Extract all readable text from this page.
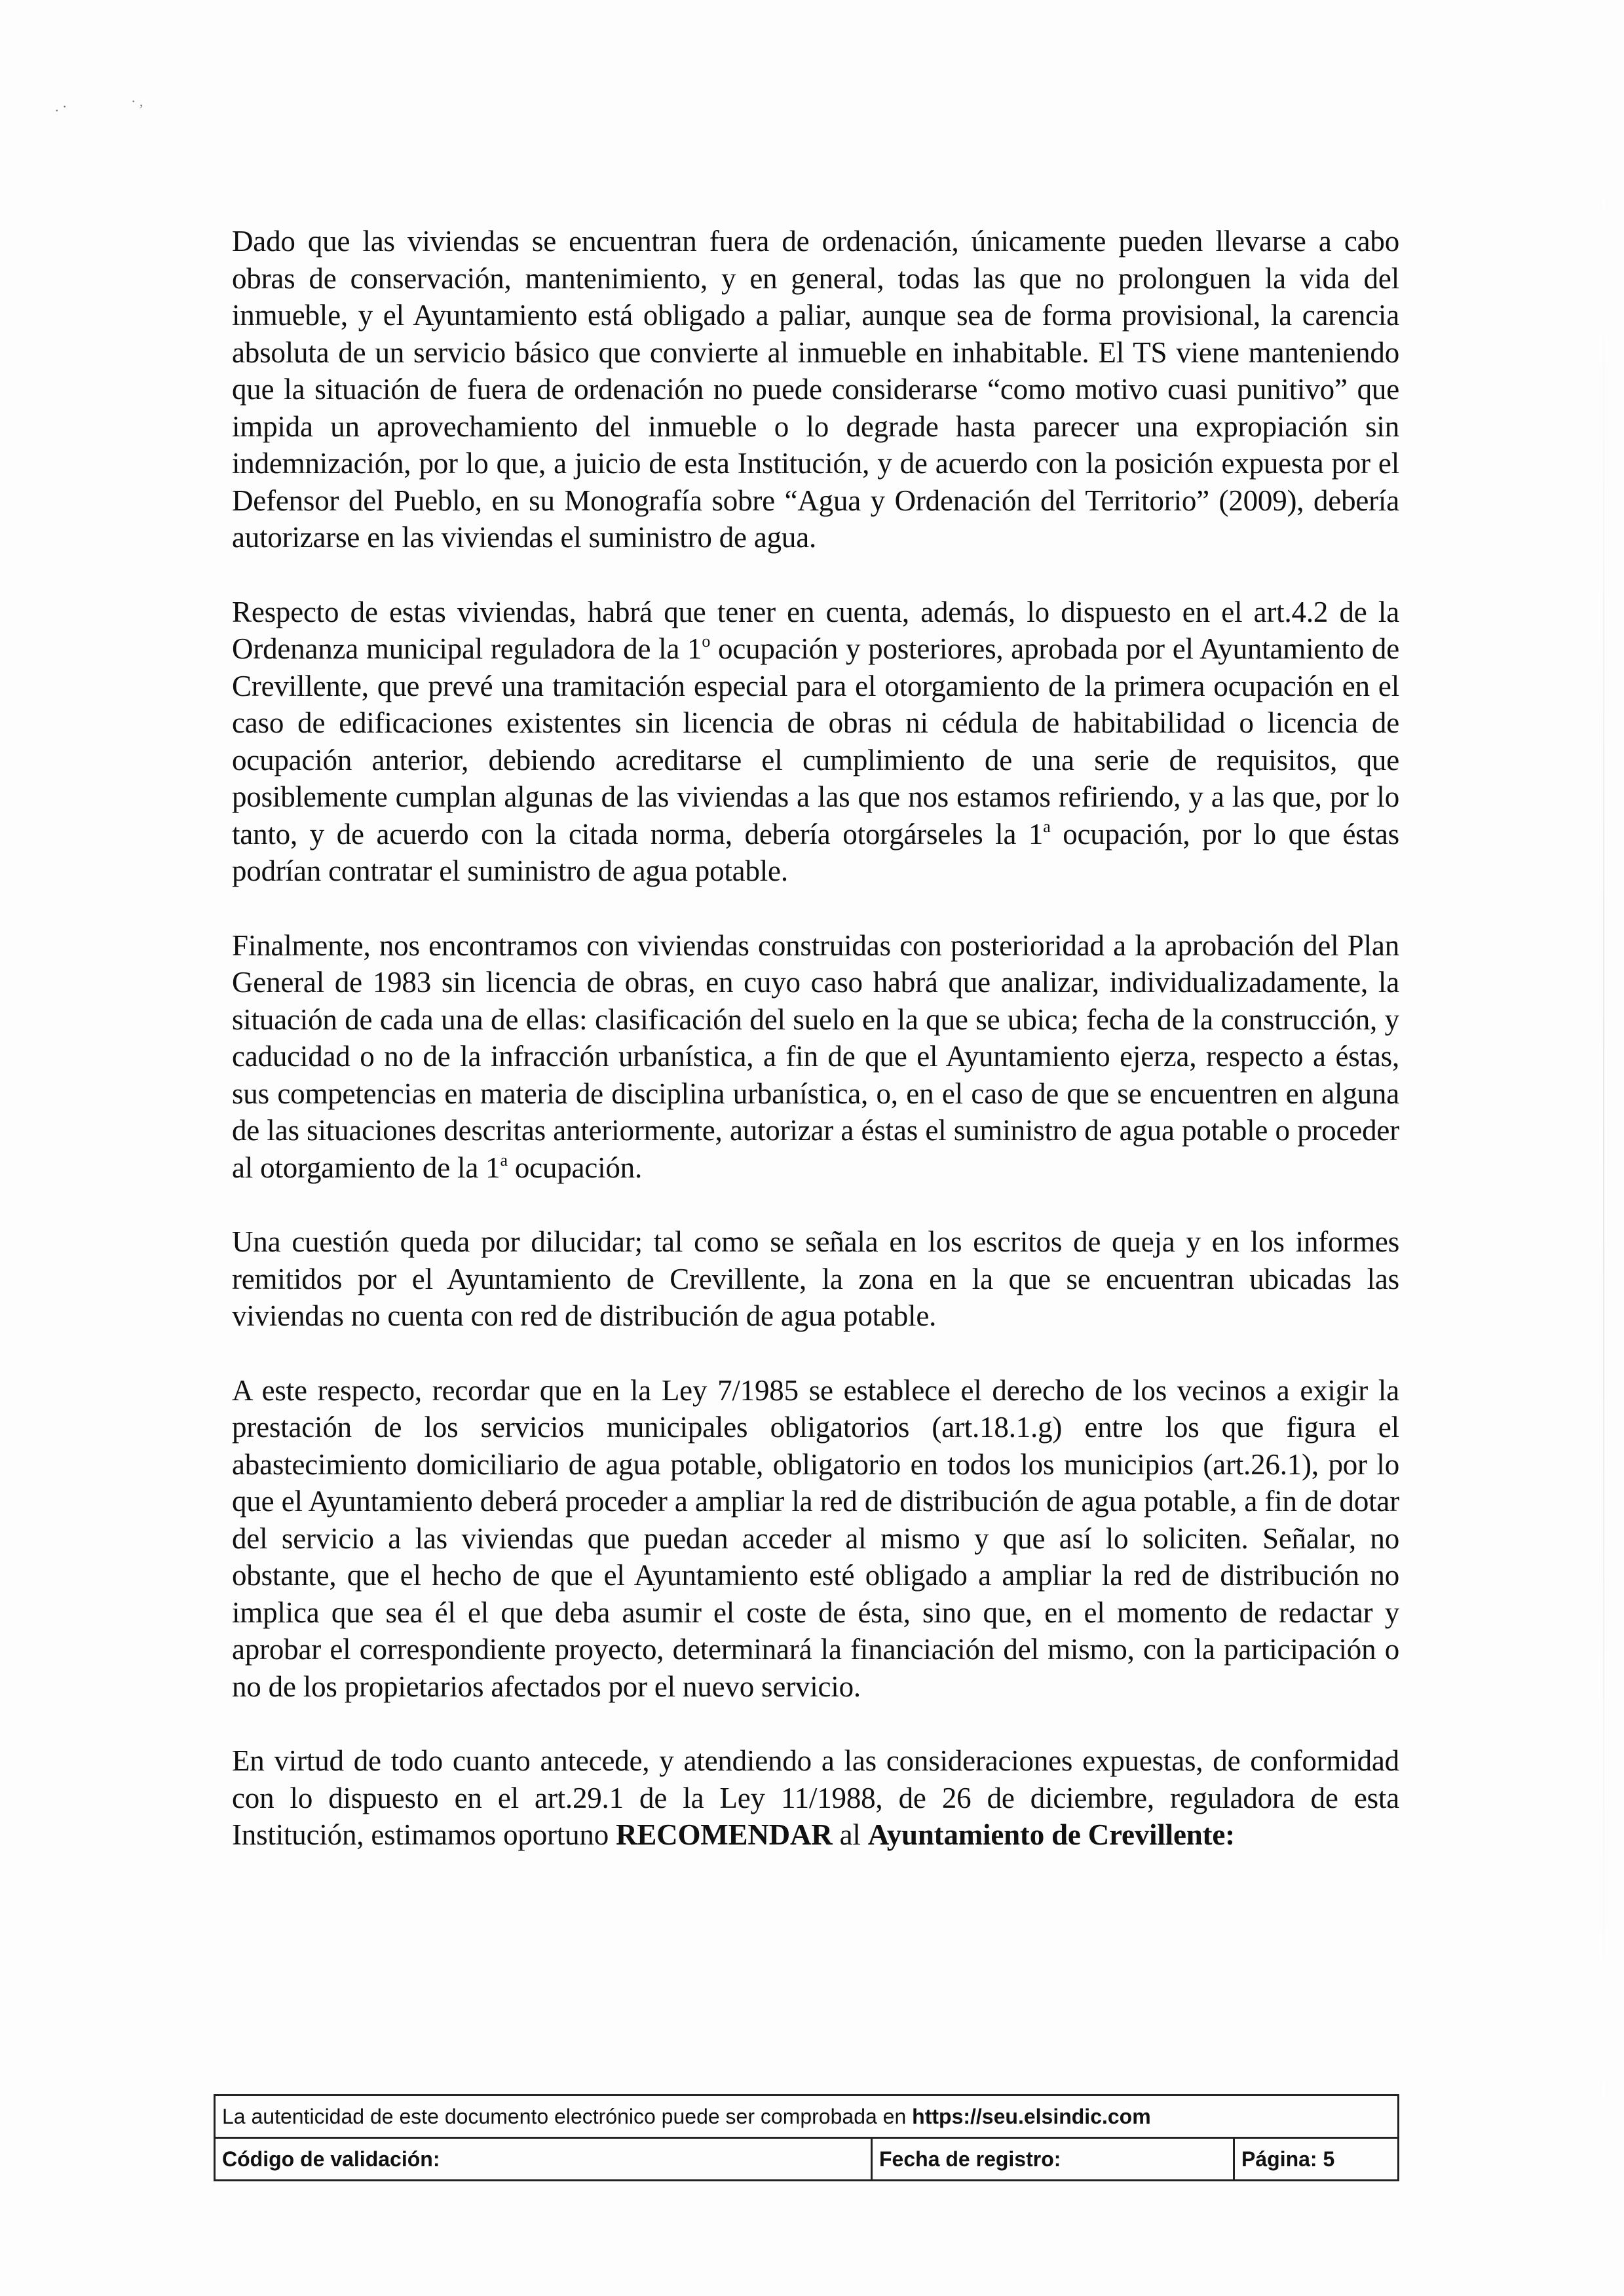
. ·	· ,

Dado que las viviendas se encuentran fuera de ordenación, únicamente pueden llevarse a cabo obras de conservación, mantenimiento, y en general, todas las que no prolonguen la vida del inmueble, y el Ayuntamiento está obligado a paliar, aunque sea de forma provisional, la carencia absoluta de un servicio básico que convierte al inmueble en inhabitable. El TS viene manteniendo que la situación de fuera de ordenación no puede considerarse “como motivo cuasi punitivo” que impida un aprovechamiento del inmueble o lo degrade hasta parecer una expropiación sin indemnización, por lo que, a juicio de esta Institución, y de acuerdo con la posición expuesta por el Defensor del Pueblo, en su Monografía sobre “Agua y Ordenación del Territorio” (2009), debería autorizarse en las viviendas el suministro de agua.

Respecto de estas viviendas, habrá que tener en cuenta, además, lo dispuesto en el art.4.2 de la Ordenanza municipal reguladora de la 1$^o$ ocupación y posteriores, aprobada por el Ayuntamiento de Crevillente, que prevé una tramitación especial para el otorgamiento de la primera ocupación en el caso de edificaciones existentes sin licencia de obras ni cédula de habitabilidad o licencia de ocupación anterior, debiendo acreditarse el cumplimiento de una serie de requisitos, que posiblemente cumplan algunas de las viviendas a las que nos estamos refiriendo, y a las que, por lo tanto, y de acuerdo con la citada norma, debería otorgárseles la 1$^a$ ocupación, por lo que éstas podrían contratar el suministro de agua potable.

Finalmente, nos encontramos con viviendas construidas con posterioridad a la aprobación del Plan General de 1983 sin licencia de obras, en cuyo caso habrá que analizar, individualizadamente, la situación de cada una de ellas: clasificación del suelo en la que se ubica; fecha de la construcción, y caducidad o no de la infracción urbanística, a fin de que el Ayuntamiento ejerza, respecto a éstas, sus competencias en materia de disciplina urbanística, o, en el caso de que se encuentren en alguna de las situaciones descritas anteriormente, autorizar a éstas el suministro de agua potable o proceder al otorgamiento de la 1$^a$ ocupación.

Una cuestión queda por dilucidar; tal como se señala en los escritos de queja y en los informes remitidos por el Ayuntamiento de Crevillente, la zona en la que se encuentran ubicadas las viviendas no cuenta con red de distribución de agua potable.

A este respecto, recordar que en la Ley 7/1985 se establece el derecho de los vecinos a exigir la prestación de los servicios municipales obligatorios (art.18.1.g) entre los que figura el abastecimiento domiciliario de agua potable, obligatorio en todos los municipios (art.26.1), por lo que el Ayuntamiento deberá proceder a ampliar la red de distribución de agua potable, a fin de dotar del servicio a las viviendas que puedan acceder al mismo y que así lo soliciten. Señalar, no obstante, que el hecho de que el Ayuntamiento esté obligado a ampliar la red de distribución no implica que sea él el que deba asumir el coste de ésta, sino que, en el momento de redactar y aprobar el correspondiente proyecto, determinará la financiación del mismo, con la participación o no de los propietarios afectados por el nuevo servicio.

En virtud de todo cuanto antecede, y atendiendo a las consideraciones expuestas, de conformidad con lo dispuesto en el art.29.1 de la Ley 11/1988, de 26 de diciembre, reguladora de esta Institución, estimamos oportuno RECOMENDAR al Ayuntamiento de Crevillente:

La autenticidad de este documento electrónico puede ser comprobada en https://seu.elsindic.com
Código de validación:	Fecha de registro:	Página: 5
